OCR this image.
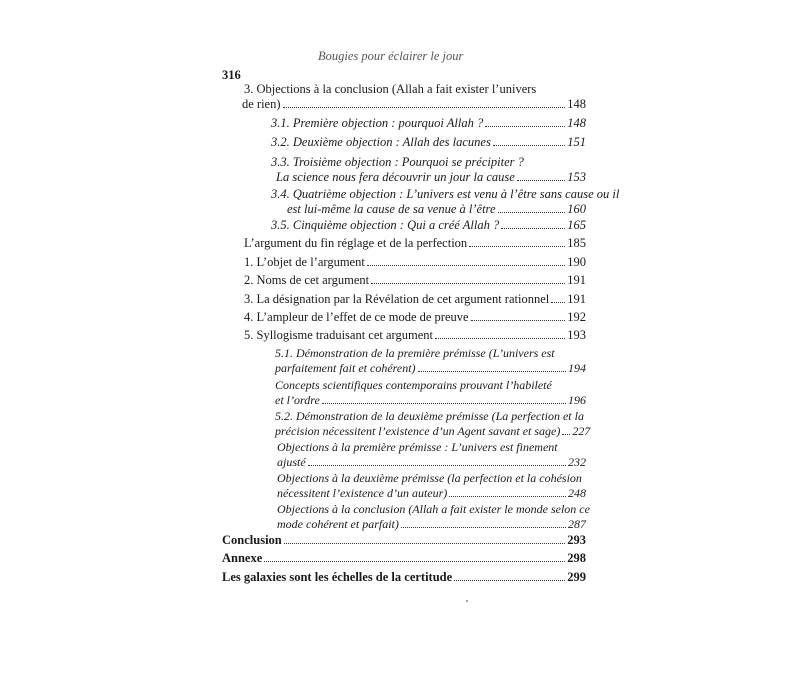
Bougies pour éclairer le jour
316
3. Objections à la conclusion (Allah a fait exister l’univers
de rien)	148
3.1. Première objection : pourquoi Allah ?	148
3.2. Deuxième objection : Allah des lacunes	151
3.3. Troisième objection : Pourquoi se précipiter ?
La science nous fera découvrir un jour la cause	153
3.4. Quatrième objection : L’univers est venu à l’être sans cause ou il
est lui-même la cause de sa venue à l’être	160
3.5. Cinquième objection : Qui a créé Allah ?	165
L’argument du fin réglage et de la perfection	185
1. L’objet de l’argument	190
2. Noms de cet argument	191
3. La désignation par la Révélation de cet argument rationnel 191
4. L’ampleur de l’effet de ce mode de preuve	192
5. Syllogisme traduisant cet argument	193
5.1. Démonstration de la première prémisse (L’univers est
parfaitement fait et cohérent)	194
Concepts scientifiques contemporains prouvant l’habileté
et l’ordre	196
5.2. Démonstration de la deuxième prémisse (La perfection et la
précision nécessitent l’existence d’un Agent savant et sage) 227
Objections à la première prémisse : L’univers est finement
ajusté	232
Objections à la deuxième prémisse (la perfection et la cohésion
nécessitent l’existence d’un auteur)	248
Objections à la conclusion (Allah a fait exister le monde selon ce
mode cohérent et parfait)	287
Conclusion	293
Annexe	298
Les galaxies sont les échelles de la certitude	299
